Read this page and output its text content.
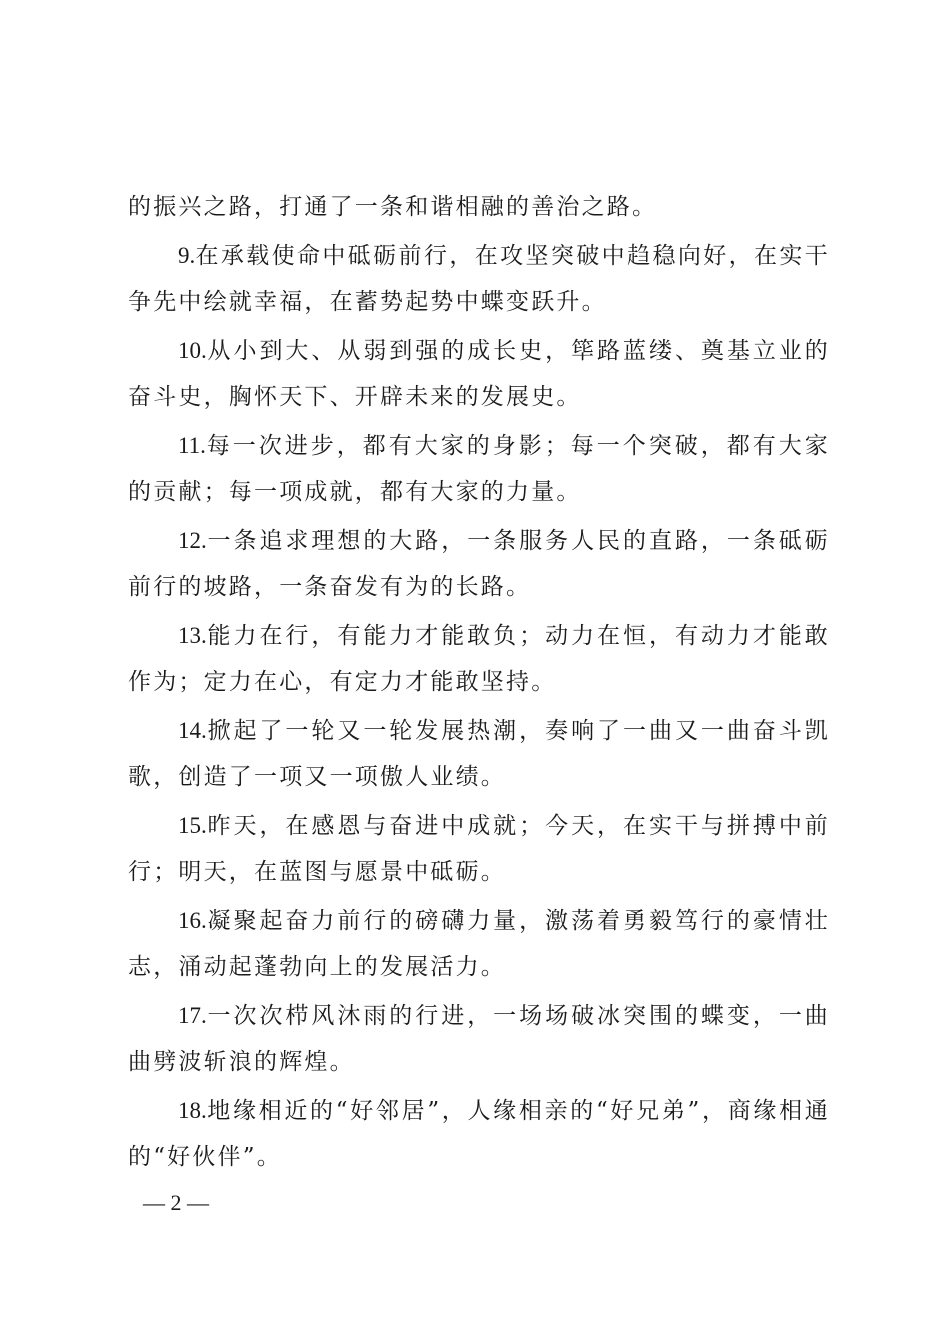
的振兴之路，打通了一条和谐相融的善治之路。

9.在承载使命中砥砺前行，在攻坚突破中趋稳向好，在实干争先中绘就幸福，在蓄势起势中蝶变跃升。

10.从小到大、从弱到强的成长史，筚路蓝缕、奠基立业的奋斗史，胸怀天下、开辟未来的发展史。

11.每一次进步，都有大家的身影；每一个突破，都有大家的贡献；每一项成就，都有大家的力量。

12.一条追求理想的大路，一条服务人民的直路，一条砥砺前行的坡路，一条奋发有为的长路。

13.能力在行，有能力才能敢负；动力在恒，有动力才能敢作为；定力在心，有定力才能敢坚持。

14.掀起了一轮又一轮发展热潮，奏响了一曲又一曲奋斗凯歌，创造了一项又一项傲人业绩。

15.昨天，在感恩与奋进中成就；今天，在实干与拼搏中前行；明天，在蓝图与愿景中砥砺。

16.凝聚起奋力前行的磅礴力量，激荡着勇毅笃行的豪情壮志，涌动起蓬勃向上的发展活力。

17.一次次栉风沐雨的行进，一场场破冰突围的蝶变，一曲曲劈波斩浪的辉煌。

18.地缘相近的“好邻居”，人缘相亲的“好兄弟”，商缘相通的“好伙伴”。

— 2 —
